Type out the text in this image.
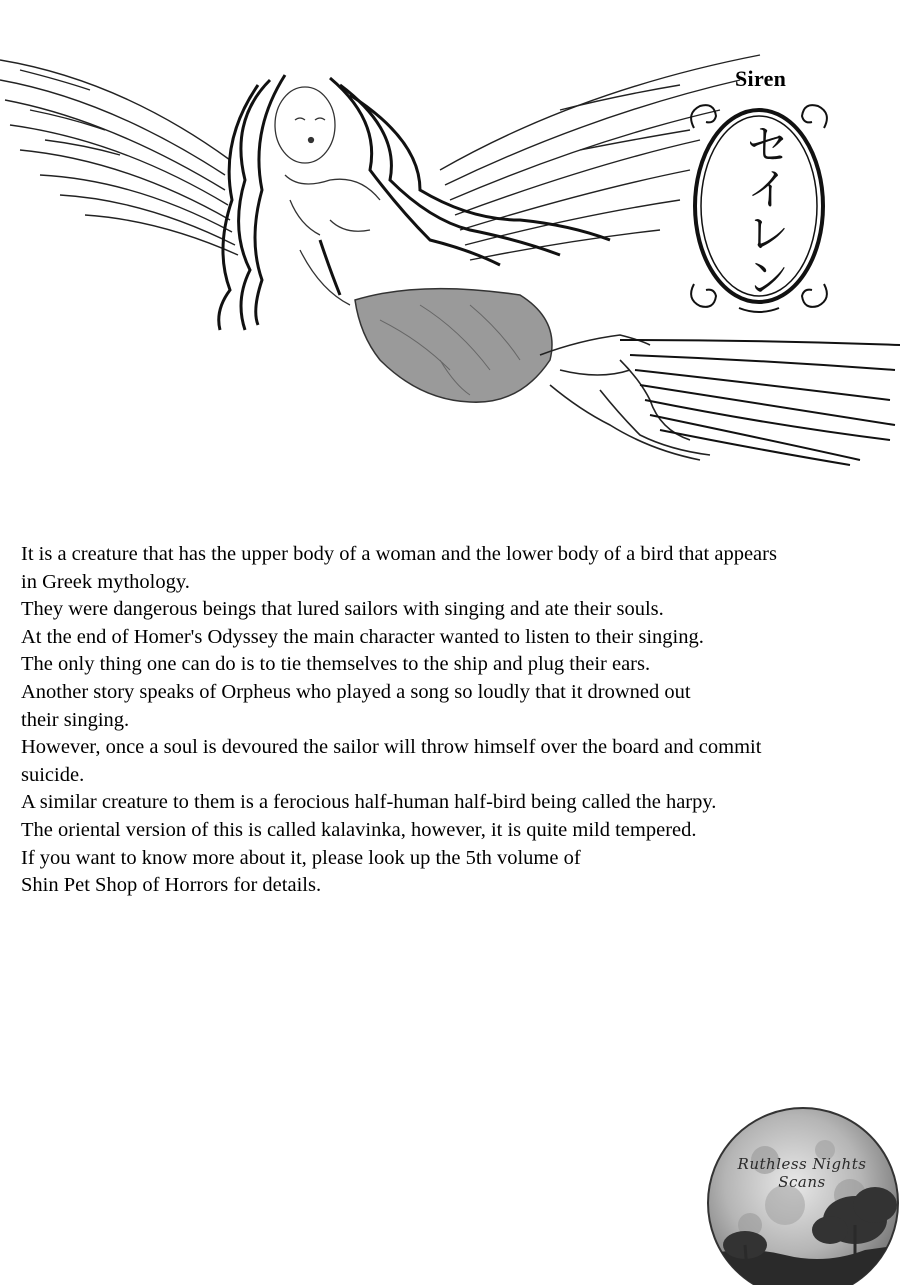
Siren
セイレン
It is a creature that has the upper body of a woman and the lower body of a bird that appears
in Greek mythology.
They were dangerous beings that lured sailors with singing and ate their souls.
At the end of Homer's Odyssey the main character wanted to listen to their singing.
The only thing one can do is to tie themselves to the ship and plug their ears.
Another story speaks of Orpheus who played a song so loudly that it drowned out
their singing.
However, once a soul is devoured the sailor will throw himself over the board and commit
suicide.
A similar creature to them is a ferocious half-human half-bird being called the harpy.
The oriental version of this is called kalavinka, however, it is quite mild tempered.
If you want to know more about it, please look up the 5th volume of
Shin Pet Shop of Horrors for details.
Ruthless Nights Scans
